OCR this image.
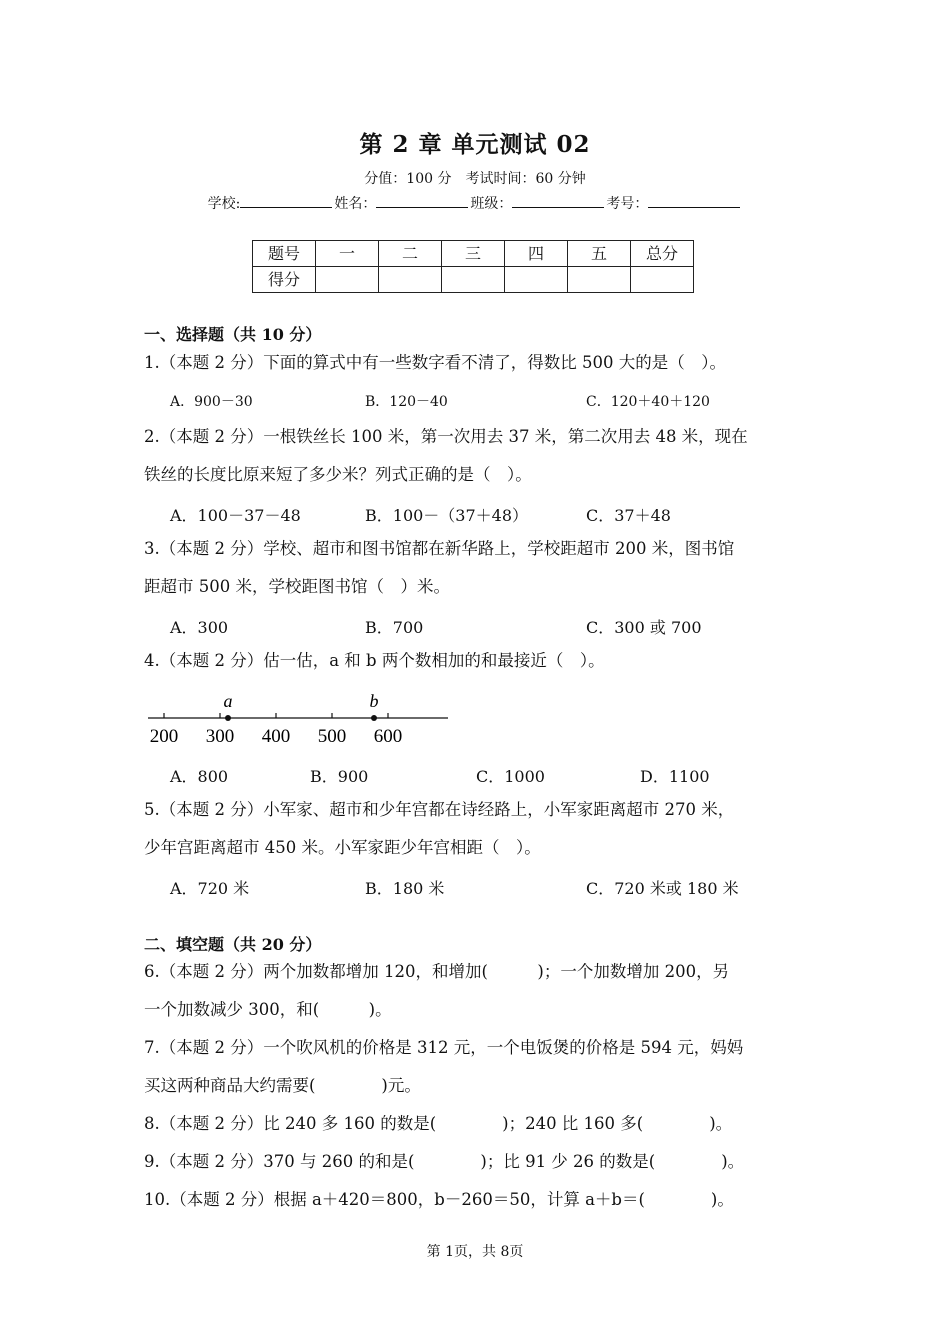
第 2 章 单元测试 02
分值：100 分　考试时间：60 分钟
学校:	姓名：	班级：	考号：
题号	一	二	三	四	五	总分
得分						
一、选择题（共 10 分）
1.（本题 2 分）下面的算式中有一些数字看不清了，得数比 500 大的是（　）。
A．900－30	B．120－40	C．120＋40＋120
2.（本题 2 分）一根铁丝长 100 米，第一次用去 37 米，第二次用去 48 米，现在
铁丝的长度比原来短了多少米？列式正确的是（　）。
A．100－37－48	B．100－（37＋48）	C．37＋48
3.（本题 2 分）学校、超市和图书馆都在新华路上，学校距超市 200 米，图书馆
距超市 500 米，学校距图书馆（　）米。
A．300	B．700	C．300 或 700
4.（本题 2 分）估一估，a 和 b 两个数相加的和最接近（　）。
a	b
200 300 400 500 600
A．800	B．900	C．1000	D．1100
5.（本题 2 分）小军家、超市和少年宫都在诗经路上，小军家距离超市 270 米，
少年宫距离超市 450 米。小军家距少年宫相距（　）。
A．720 米	B．180 米	C．720 米或 180 米
二、填空题（共 20 分）
6.（本题 2 分）两个加数都增加 120，和增加(　　　)；一个加数增加 200，另
一个加数减少 300，和(　　　)。
7.（本题 2 分）一个吹风机的价格是 312 元，一个电饭煲的价格是 594 元，妈妈
买这两种商品大约需要(　　　　)元。
8.（本题 2 分）比 240 多 160 的数是(　　　　)；240 比 160 多(　　　　)。
9.（本题 2 分）370 与 260 的和是(　　　　)；比 91 少 26 的数是(　　　　)。
10.（本题 2 分）根据 a＋420＝800，b－260＝50，计算 a＋b＝(　　　　)。
第 1页，共 8页
